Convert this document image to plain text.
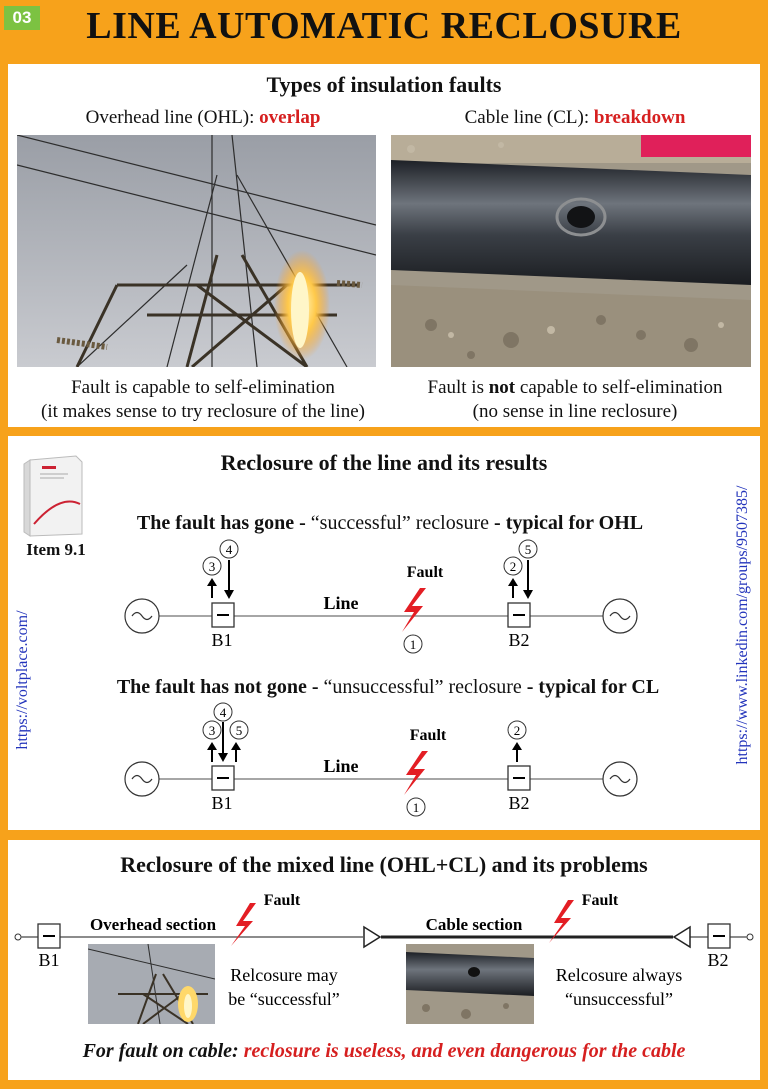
03	LINE AUTOMATIC RECLOSURE
Types of insulation faults
Overhead line (OHL): overlap	Cable line (CL): breakdown
Fault is capable to self-elimination
(it makes sense to try reclosure of the line)
Fault is not capable to self-elimination
(no sense in line reclosure)
Reclosure of the line and its results
Item 9.1
The fault has gone - “successful” reclosure - typical for OHL
B1	B2
Line
Fault
1
3
4
2
5
The fault has not gone - “unsuccessful” reclosure - typical for CL
B1	B2
Line
Fault
1
3
4
5	2
https://voltplace.com/	https://www.linkedin.com/groups/9507385/
Reclosure of the mixed line (OHL+CL) and its problems
B1	B2
Overhead section	Cable section
Fault	Fault
Relcosure may
be “successful”
Relcosure always
“unsuccessful”
For fault on cable: reclosure is useless, and even dangerous for the cable
